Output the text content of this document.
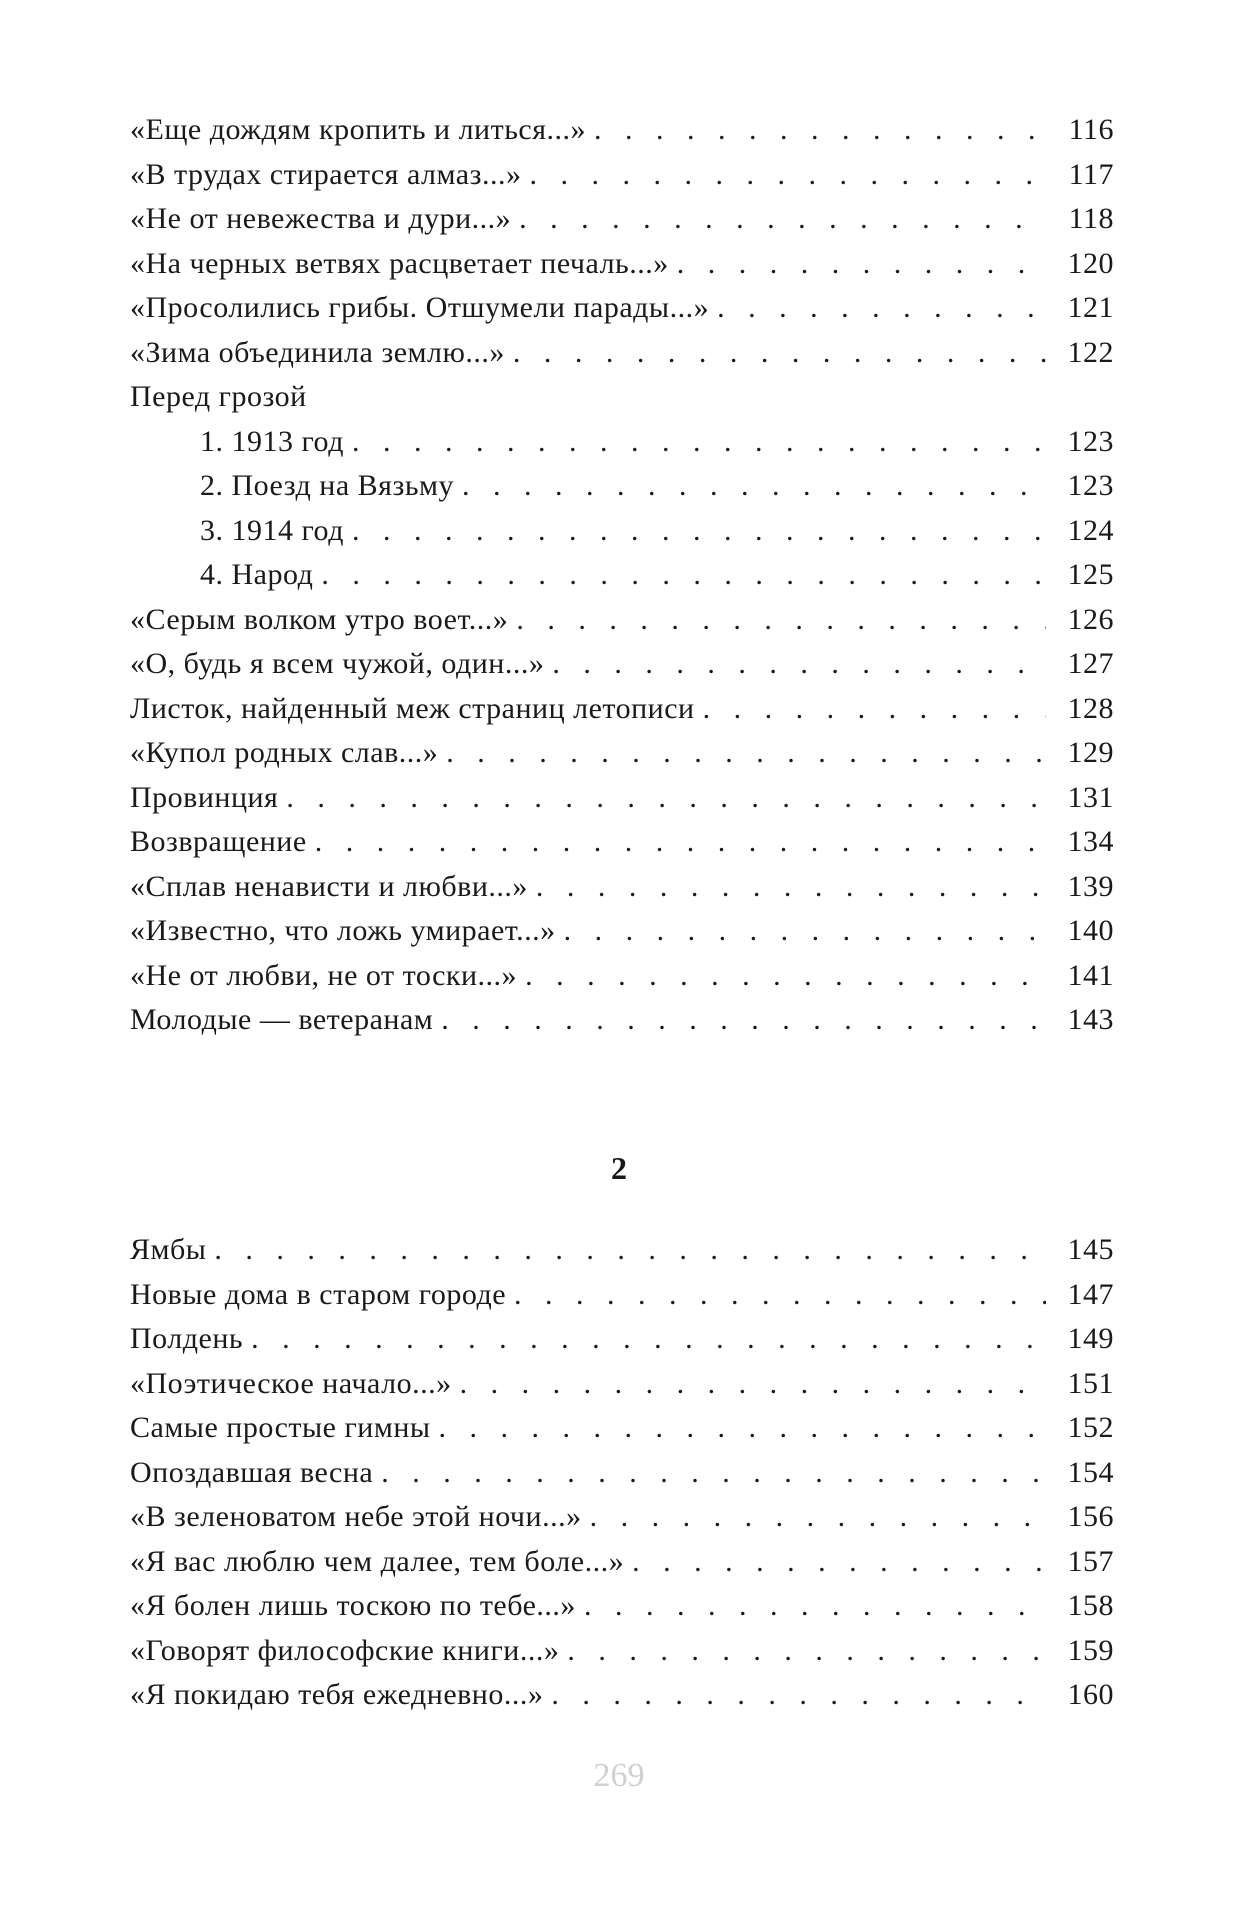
«Еще дождям кропить и литься...» . . .	116
«В трудах стирается алмаз...» . . .	117
«Не от невежества и дури...» . . .	118
«На черных ветвях расцветает печаль...» . . .	120
«Просолились грибы. Отшумели парады...» . . .	121
«Зима объединила землю...» . . .	122
Перед грозой
1. 1913 год . . .	123
2. Поезд на Вязьму . . .	123
3. 1914 год . . .	124
4. Народ . . .	125
«Серым волком утро воет...» . . .	126
«О, будь я всем чужой, один...» . . .	127
Листок, найденный меж страниц летописи . . .	128
«Купол родных слав...» . . .	129
Провинция . . .	131
Возвращение . . .	134
«Сплав ненависти и любви...» . . .	139
«Известно, что ложь умирает...» . . .	140
«Не от любви, не от тоски...» . . .	141
Молодые — ветеранам . . .	143
2
Ямбы . . .	145
Новые дома в старом городе . . .	147
Полдень . . .	149
«Поэтическое начало...» . . .	151
Самые простые гимны . . .	152
Опоздавшая весна . . .	154
«В зеленоватом небе этой ночи...» . . .	156
«Я вас люблю чем далее, тем боле...» . . .	157
«Я болен лишь тоскою по тебе...» . . .	158
«Говорят философские книги...» . . .	159
«Я покидаю тебя ежедневно...» . . .	160
269
